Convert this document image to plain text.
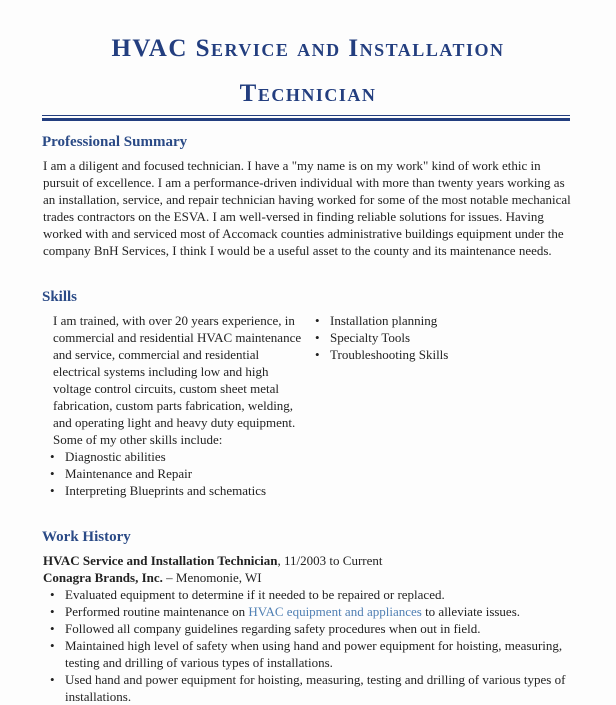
HVAC Service and Installation
Technician
Professional Summary
I am a diligent and focused technician. I have a "my name is on my work" kind of work ethic in pursuit of excellence. I am a performance-driven individual with more than twenty years working as an installation, service, and repair technician having worked for some of the most notable mechanical trades contractors on the ESVA. I am well-versed in finding reliable solutions for issues. Having worked with and serviced most of Accomack counties administrative buildings equipment under the company BnH Services, I think I would be a useful asset to the county and its maintenance needs.
Skills
I am trained, with over 20 years experience, in commercial and residential HVAC maintenance and service, commercial and residential electrical systems including low and high voltage control circuits, custom sheet metal fabrication, custom parts fabrication, welding, and operating light and heavy duty equipment. Some of my other skills include:
• Diagnostic abilities
• Maintenance and Repair
• Interpreting Blueprints and schematics
• Installation planning
• Specialty Tools
• Troubleshooting Skills
Work History
HVAC Service and Installation Technician, 11/2003 to Current
Conagra Brands, Inc. – Menomonie, WI
• Evaluated equipment to determine if it needed to be repaired or replaced.
• Performed routine maintenance on HVAC equipment and appliances to alleviate issues.
• Followed all company guidelines regarding safety procedures when out in field.
• Maintained high level of safety when using hand and power equipment for hoisting, measuring, testing and drilling of various types of installations.
• Used hand and power equipment for hoisting, measuring, testing and drilling of various types of installations.
